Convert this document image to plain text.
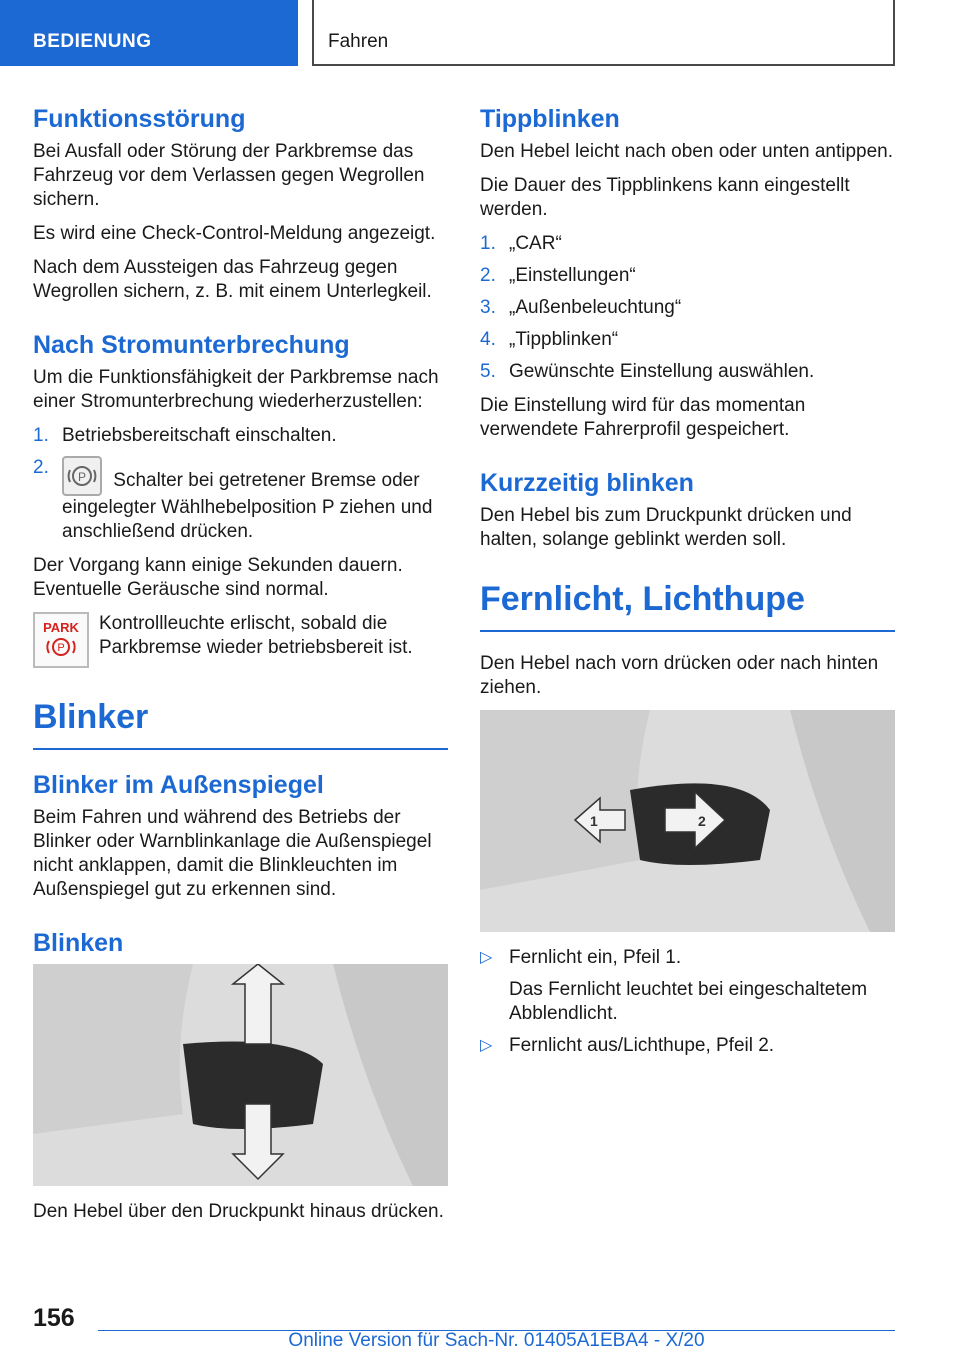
BEDIENUNG	Fahren
Funktionsstörung

Bei Ausfall oder Störung der Parkbremse das Fahrzeug vor dem Verlassen gegen Wegrollen sichern.

Es wird eine Check-Control-Meldung angezeigt.

Nach dem Aussteigen das Fahrzeug gegen Wegrollen sichern, z. B. mit einem Unterlegkeil.

Nach Stromunterbrechung

Um die Funktionsfähigkeit der Parkbremse nach einer Stromunterbrechung wiederherzustellen:

1. Betriebsbereitschaft einschalten.
2. P Schalter bei getretener Bremse oder eingelegter Wählhebelposition P ziehen und anschließend drücken.

Der Vorgang kann einige Sekunden dauern. Eventuelle Geräusche sind normal.

PARK
P

Kontrollleuchte erlischt, sobald die Parkbremse wieder betriebsbereit ist.

Blinker
Blinker im Außenspiegel

Beim Fahren und während des Betriebs der Blinker oder Warnblinkanlage die Außenspiegel nicht anklappen, damit die Blinkleuchten im Außenspiegel gut zu erkennen sind.

Blinken

Den Hebel über den Druckpunkt hinaus drücken.

Tippblinken

Den Hebel leicht nach oben oder unten antippen.

Die Dauer des Tippblinkens kann eingestellt werden.

1. „CAR“
2. „Einstellungen“
3. „Außenbeleuchtung“
4. „Tippblinken“
5. Gewünschte Einstellung auswählen.

Die Einstellung wird für das momentan verwendete Fahrerprofil gespeichert.

Kurzzeitig blinken

Den Hebel bis zum Druckpunkt drücken und halten, solange geblinkt werden soll.

Fernlicht, Lichthupe

Den Hebel nach vorn drücken oder nach hinten ziehen.

1	2
▷ Fernlicht ein, Pfeil 1.
Das Fernlicht leuchtet bei eingeschaltetem Abblendlicht.
▷ Fernlicht aus/Lichthupe, Pfeil 2.
156
Online Version für Sach-Nr. 01405A1EBA4 - X/20
